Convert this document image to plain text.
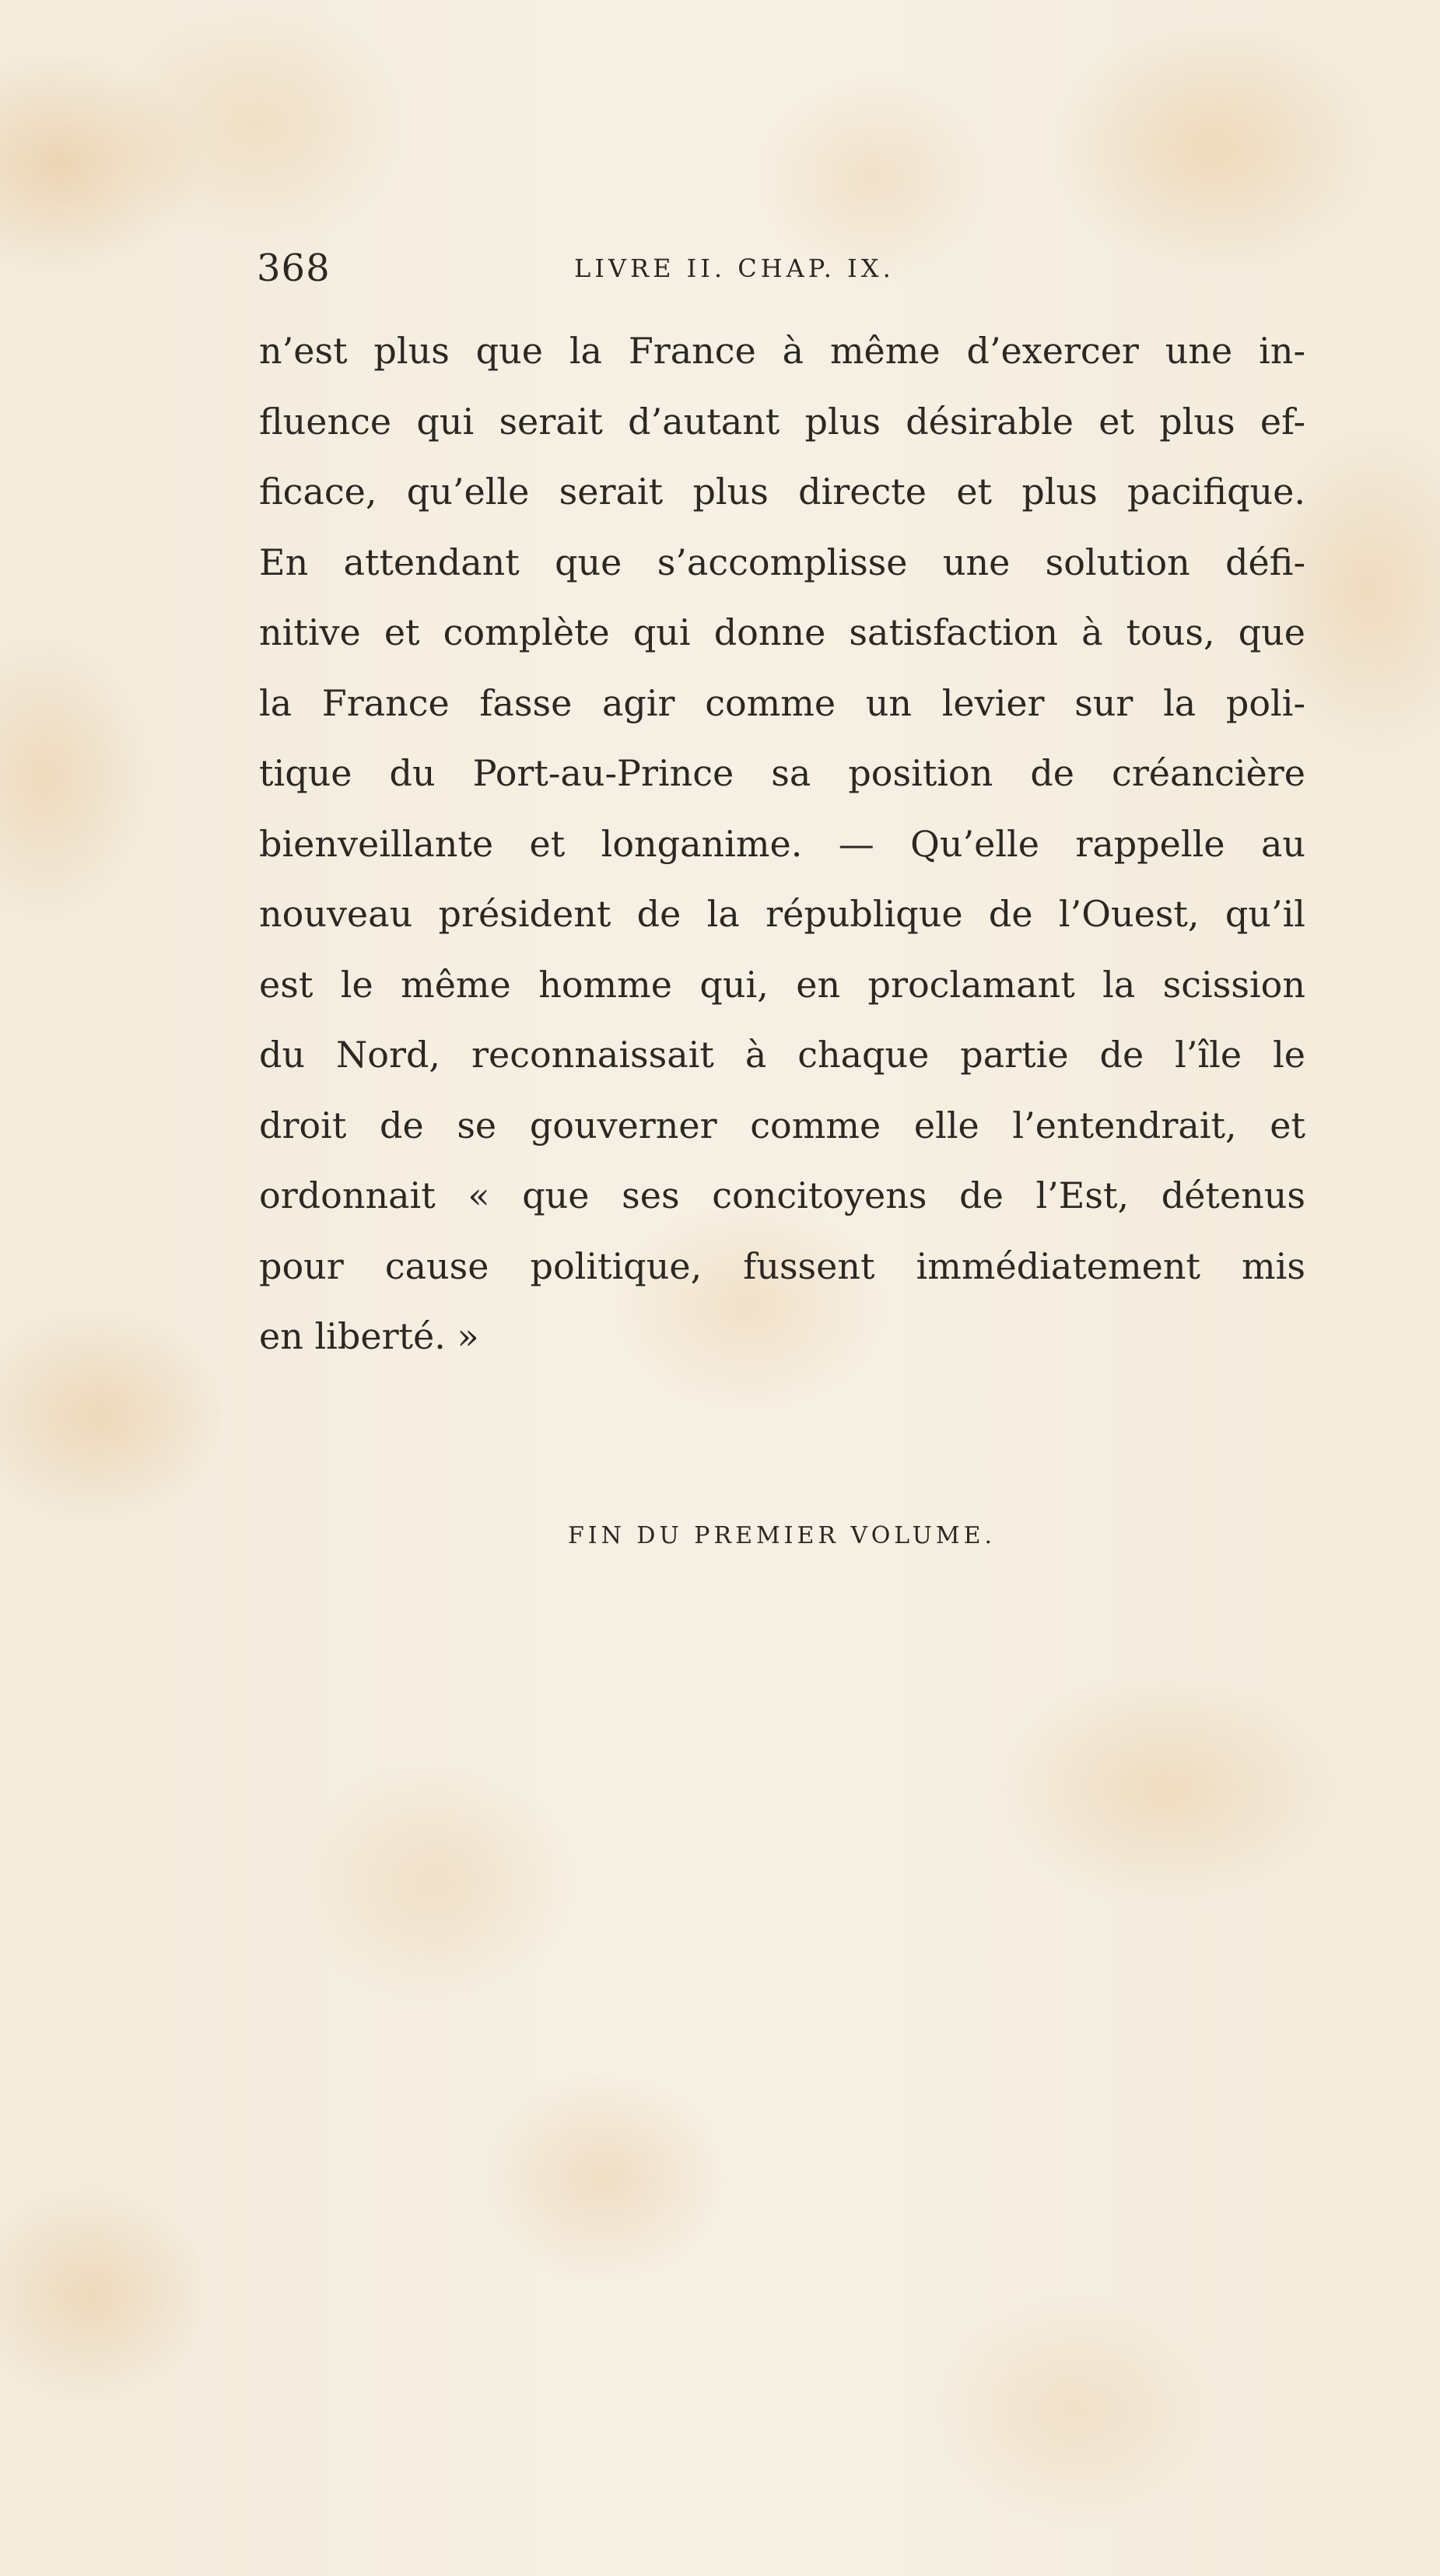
368	LIVRE II. CHAP. IX.
n’est plus que la France à même d’exercer une in-
fluence qui serait d’autant plus désirable et plus ef-
ficace, qu’elle serait plus directe et plus pacifique.
En attendant que s’accomplisse une solution défi-
nitive et complète qui donne satisfaction à tous, que
la France fasse agir comme un levier sur la poli-
tique du Port-au-Prince sa position de créancière
bienveillante et longanime. — Qu’elle rappelle au
nouveau président de la république de l’Ouest, qu’il
est le même homme qui, en proclamant la scission
du Nord, reconnaissait à chaque partie de l’île le
droit de se gouverner comme elle l’entendrait, et
ordonnait « que ses concitoyens de l’Est, détenus
pour cause politique, fussent immédiatement mis
en liberté. »
FIN DU PREMIER VOLUME.
